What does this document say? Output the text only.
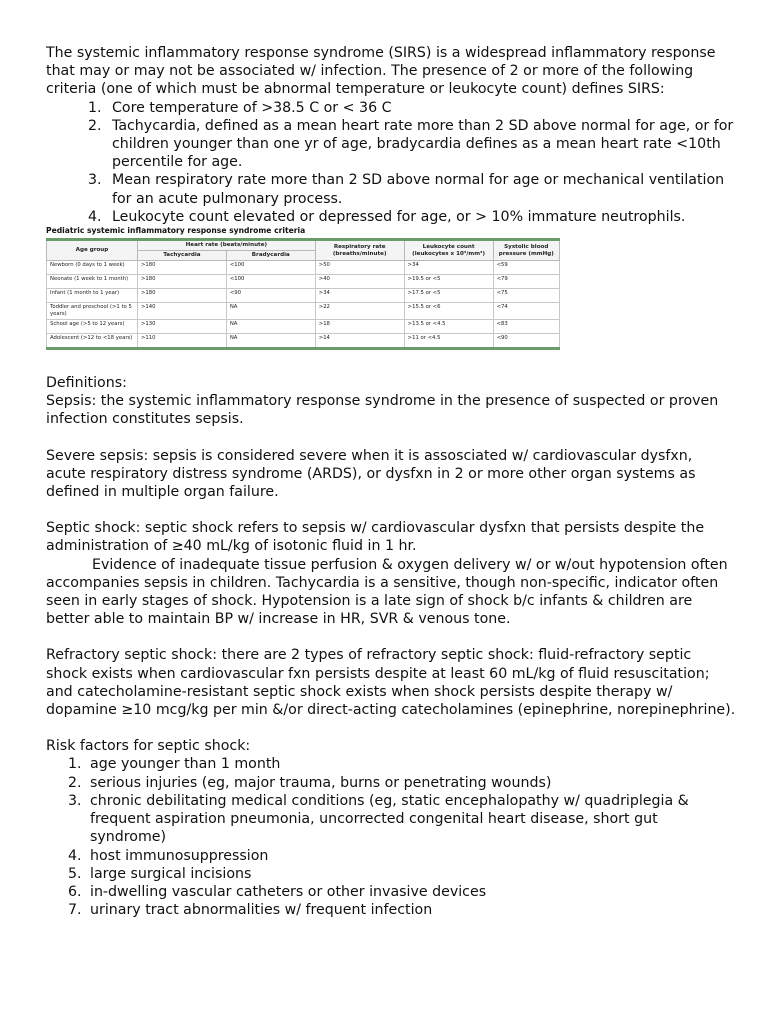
The systemic inflammatory response syndrome (SIRS) is a widespread inflammatory response that may or may not be associated w/ infection. The presence of 2 or more of the following criteria (one of which must be abnormal temperature or leukocyte count) defines SIRS:

1. Core temperature of >38.5 C or < 36 C
2. Tachycardia, defined as a mean heart rate more than 2 SD above normal for age, or for children younger than one yr of age, bradycardia defines as a mean heart rate <10th percentile for age.
3. Mean respiratory rate more than 2 SD above normal for age or mechanical ventilation for an acute pulmonary process.
4. Leukocyte count elevated or depressed for age, or > 10% immature neutrophils.
Pediatric systemic inflammatory response syndrome criteria
Age group	Heart rate (beats/minute)		Respiratory rate (breaths/minute)	Leukocyte count (leukocytes x 10³/mm³)	Systolic blood pressure (mmHg)
	Tachycardia	Bradycardia			
Newborn (0 days to 1 week)	>180	<100	>50	>34	<59
Neonate (1 week to 1 month)	>180	<100	>40	>19.5 or <5	<79
Infant (1 month to 1 year)	>180	<90	>34	>17.5 or <5	<75
Toddler and preschool (>1 to 5 years)	>140	NA	>22	>15.5 or <6	<74
School age (>5 to 12 years)	>130	NA	>18	>13.5 or <4.5	<83
Adolescent (>12 to <18 years)	>110	NA	>14	>11 or <4.5	<90

Definitions:

Sepsis: the systemic inflammatory response syndrome in the presence of suspected or proven infection constitutes sepsis.

Severe sepsis: sepsis is considered severe when it is assosciated w/ cardiovascular dysfxn, acute respiratory distress syndrome (ARDS), or dysfxn in 2 or more other organ systems as defined in multiple organ failure.

Septic shock: septic shock refers to sepsis w/ cardiovascular dysfxn that persists despite the administration of ≥40 mL/kg of isotonic fluid in 1 hr.

Evidence of inadequate tissue perfusion & oxygen delivery w/ or w/out hypotension often accompanies sepsis in children. Tachycardia is a sensitive, though non-specific, indicator often seen in early stages of shock. Hypotension is a late sign of shock b/c infants & children are better able to maintain BP w/ increase in HR, SVR & venous tone.

Refractory septic shock: there are 2 types of refractory septic shock: fluid-refractory septic shock exists when cardiovascular fxn persists despite at least 60 mL/kg of fluid resuscitation; and catecholamine-resistant septic shock exists when shock persists despite therapy w/ dopamine ≥10 mcg/kg per min &/or direct-acting catecholamines (epinephrine, norepinephrine).

Risk factors for septic shock:

1. age younger than 1 month
2. serious injuries (eg, major trauma, burns or penetrating wounds)
3. chronic debilitating medical conditions (eg, static encephalopathy w/ quadriplegia & frequent aspiration pneumonia, uncorrected congenital heart disease, short gut syndrome)
4. host immunosuppression
5. large surgical incisions
6. in-dwelling vascular catheters or other invasive devices
7. urinary tract abnormalities w/ frequent infection
